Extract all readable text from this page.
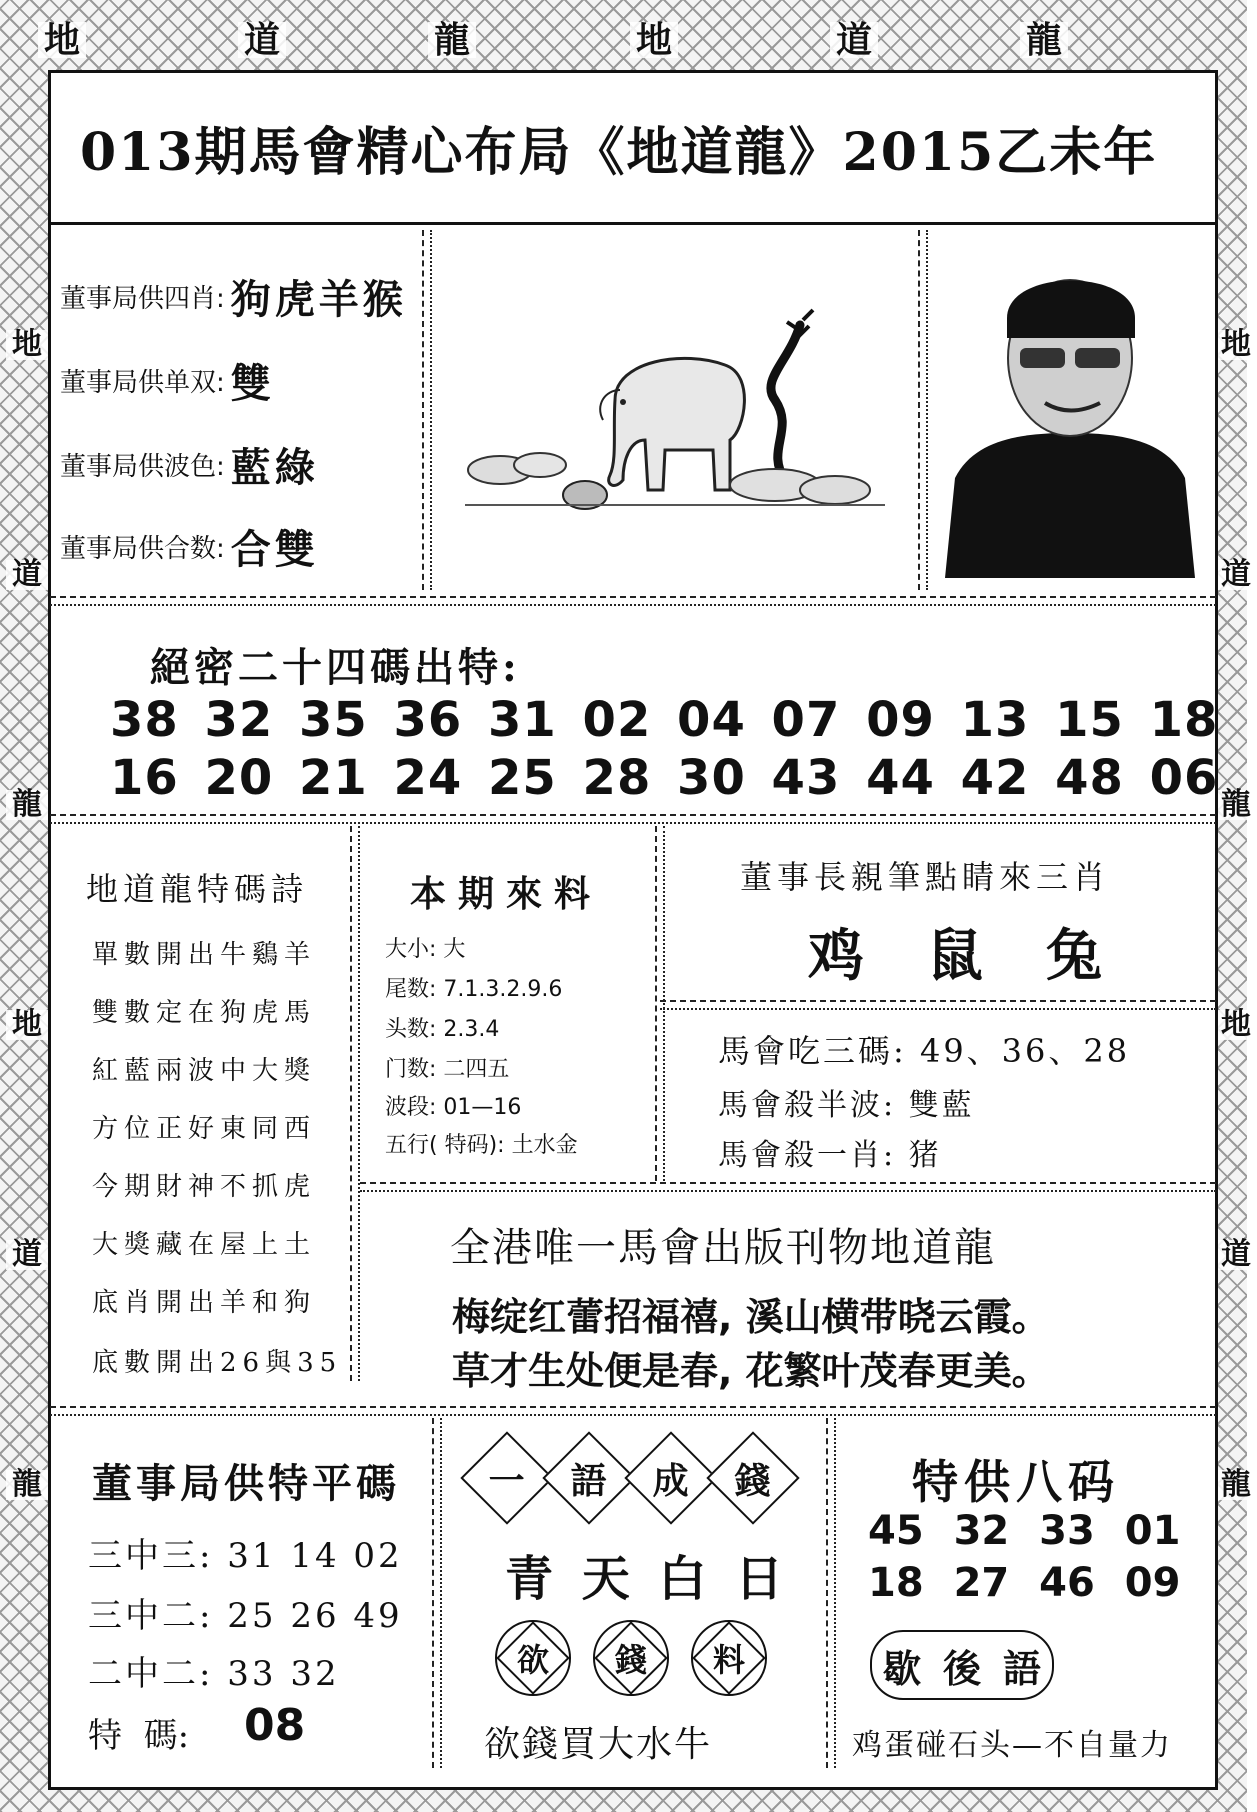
地	道	龍	地	道	龍
地
道
龍
地
道
龍
地
道
龍
地
道
龍
013期馬會精心布局《地道龍》2015乙未年
董事局供四肖: 狗虎羊猴
董事局供单双: 雙
董事局供波色: 藍綠
董事局供合数: 合雙
絕密二十四碼出特:
38 32 35 36 31 02 04 07 09 13 15 18
16 20 21 24 25 28 30 43 44 42 48 06
地道龍特碼詩
單數開出牛鷄羊
雙數定在狗虎馬
紅藍兩波中大獎
方位正好東同西
今期財神不抓虎
大獎藏在屋上土
底肖開出羊和狗
底數開出26與35
本期來料
大小: 大
尾数: 7.1.3.2.9.6
头数: 2.3.4
门数: 二四五
波段: 01—16
五行( 特码): 土水金
董事長親筆點睛來三肖
鸡  鼠  兔
馬會吃三碼: 49、36、28
馬會殺半波: 雙藍
馬會殺一肖: 猪
全港唯一馬會出版刊物地道龍
梅绽红蕾招福禧, 溪山横带晓云霞。
草才生处便是春, 花繁叶茂春更美。
董事局供特平碼
三中三: 31 14 02
三中二: 25 26 49
二中二: 33 32
特  碼: 08
一 語 成 錢
青 天 白 日
欲 錢 料
欲錢買大水牛
特供八码
45 32 33 01
18 27 46 09
歇 後 語
鸡蛋碰石头—不自量力
